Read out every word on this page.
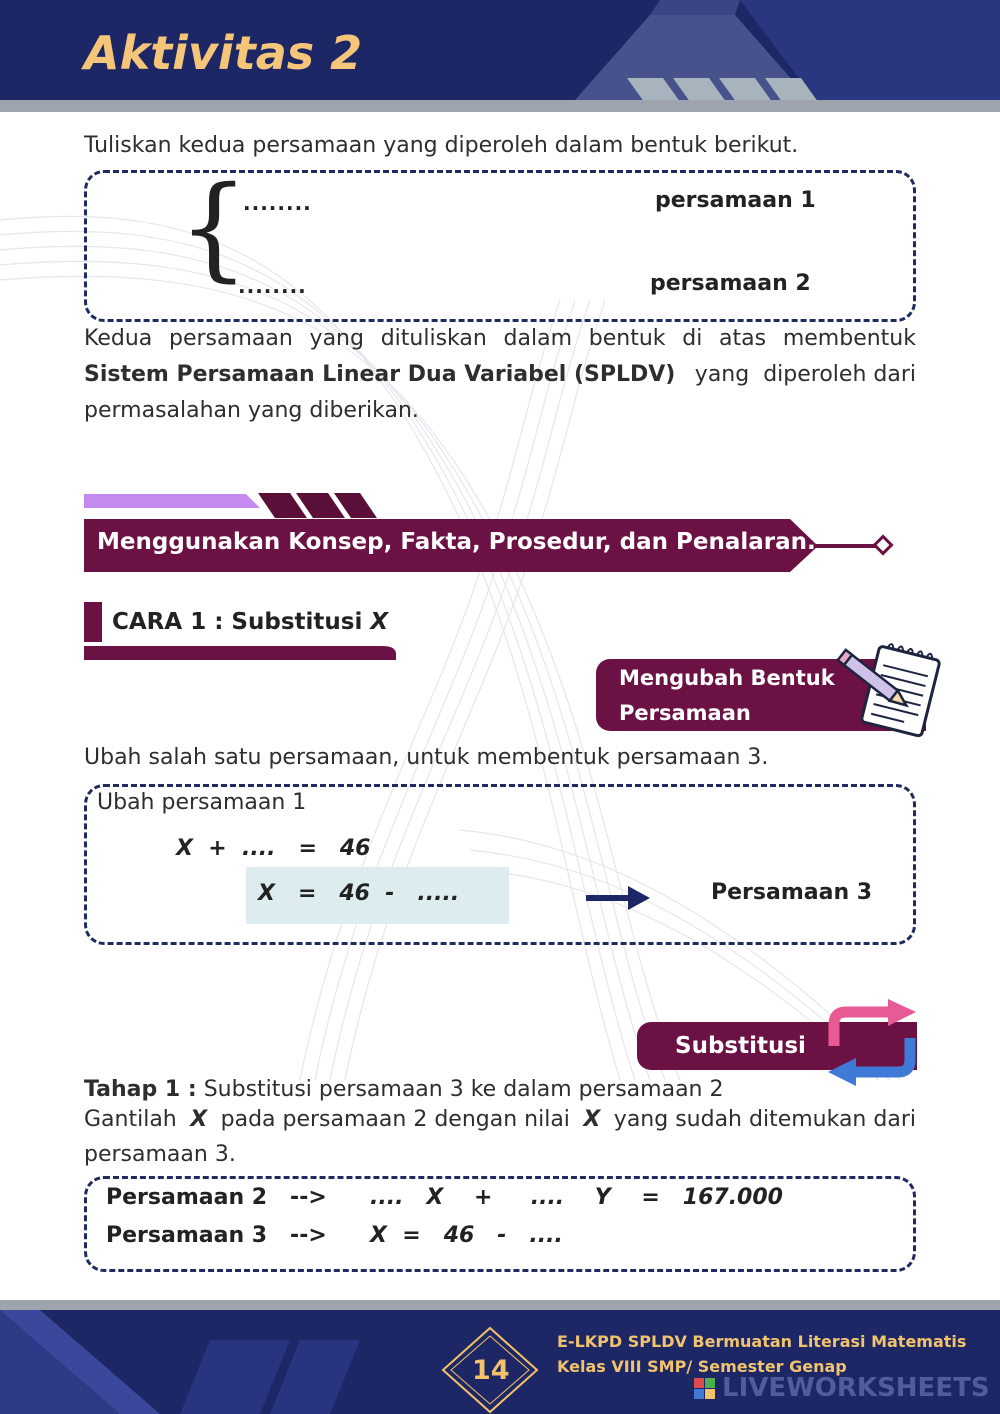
Aktivitas 2
Tuliskan kedua persamaan yang diperoleh dalam bentuk berikut.
{
........	persamaan 1
........	persamaan 2
Kedua persamaan yang dituliskan dalam bentuk di atas membentuk
Sistem Persamaan Linear Dua Variabel (SPLDV) yang  diperoleh dari
permasalahan yang diberikan.
Menggunakan Konsep, Fakta, Prosedur, dan Penalaran.
CARA 1 : Substitusi X
Mengubah Bentuk
Persamaan
Ubah salah satu persamaan, untuk membentuk persamaan 3.
Ubah persamaan 1
X  +  ....   =   46
X   =   46  -   .....	Persamaan 3
Substitusi
Tahap 1 : Substitusi persamaan 3 ke dalam persamaan 2
Gantilah X pada persamaan 2 dengan nilai X yang sudah ditemukan dari
persamaan 3.
Persamaan 2   --> ....   X    +     ....    Y    =   167.000
Persamaan 3   --> X  =   46   -   ....
14
E-LKPD SPLDV Bermuatan Literasi Matematis
Kelas VIII SMP/ Semester Genap
LIVEWORKSHEETS
